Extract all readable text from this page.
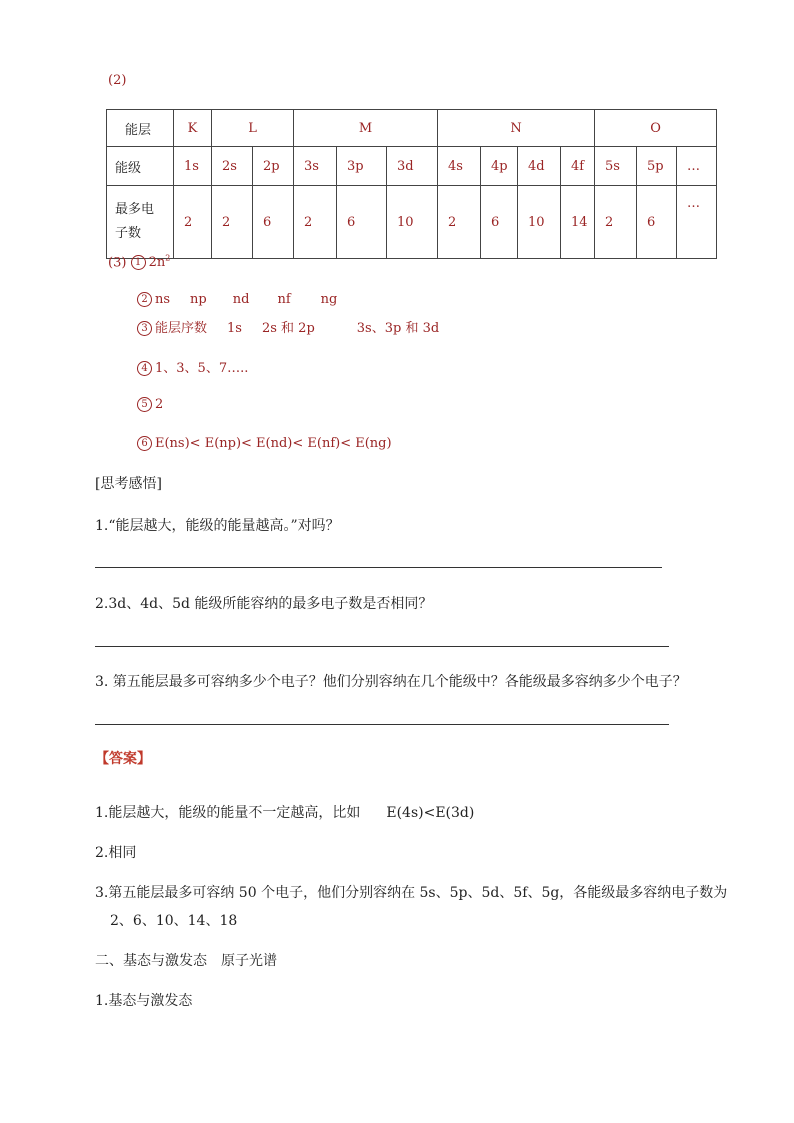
(2)
能层	K	L		M			N				O		
能级	1s	2s	2p	3s	3p	3d	4s	4p	4d	4f	5s	5p	…

最多电
子数	2	2	6	2	6	10	2	6	10	14	2	6	…
(3) 1 $2n^2$
2 ns np nd nf ng
3 能层序数 1s 2s 和 2p	3s、3p 和 3d
4 1、3、5、7…..
5 2
6 E(ns)< E(np)< E(nd)< E(nf)< E(ng)
[思考感悟]
1.“能层越大，能级的能量越高。”对吗？
2.3d、4d、5d 能级所能容纳的最多电子数是否相同？
3. 第五能层最多可容纳多少个电子？他们分别容纳在几个能级中？各能级最多容纳多少个电子？
【答案】
1.能层越大，能级的能量不一定越高，比如 E(4s)<E(3d)
2.相同
3.第五能层最多可容纳 50 个电子，他们分别容纳在 5s、5p、5d、5f、5g，各能级最多容纳电子数为
2、6、10、14、18
二、基态与激发态　原子光谱
1.基态与激发态
